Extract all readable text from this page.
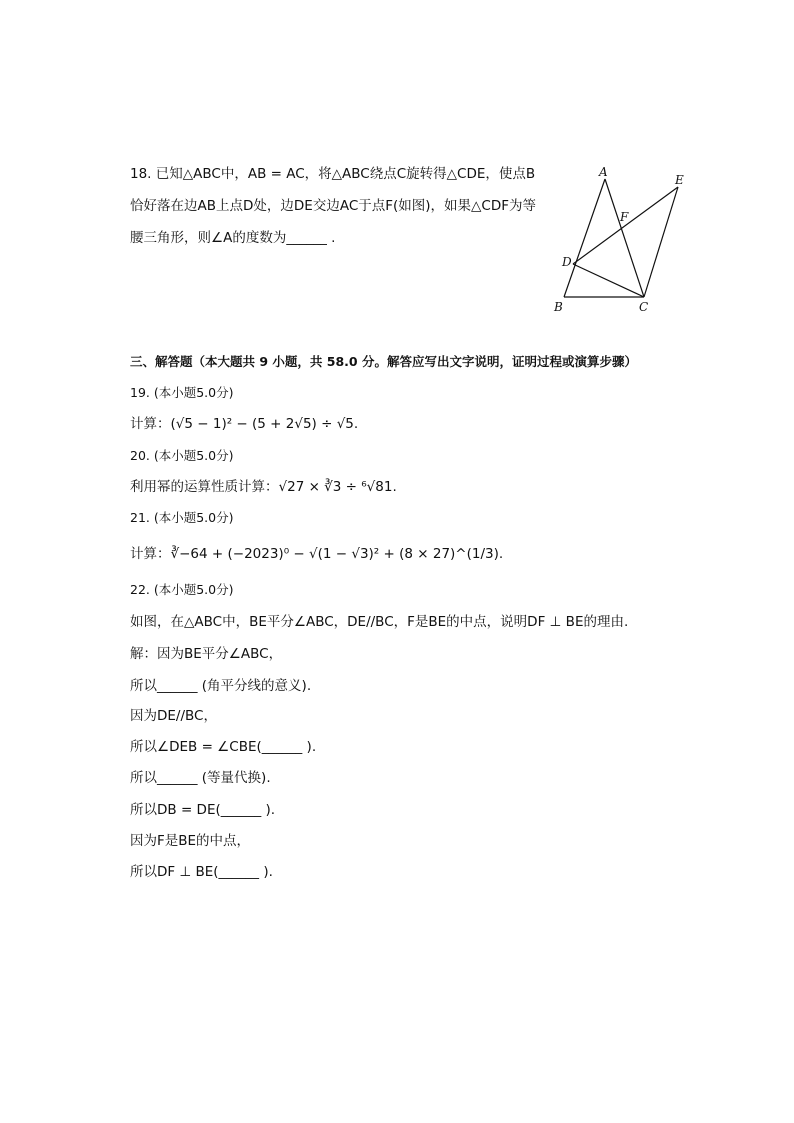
18. 已知△ABC中，AB = AC，将△ABC绕点C旋转得△CDE，使点B
恰好落在边AB上点D处，边DE交边AC于点F(如图)，如果△CDF为等
腰三角形，则∠A的度数为______ .
A
E
F
D
B	C
三、解答题（本大题共 9 小题，共 58.0 分。解答应写出文字说明，证明过程或演算步骤）
19. (本小题5.0分)
计算：(√5 − 1)² − (5 + 2√5) ÷ √5.
20. (本小题5.0分)
利用幂的运算性质计算：√27 × ∛3 ÷ ⁶√81.
21. (本小题5.0分)
计算：∛−64 + (−2023)⁰ − √(1 − √3)² + (8 × 27)^(1/3).
22. (本小题5.0分)
如图，在△ABC中，BE平分∠ABC，DE//BC，F是BE的中点，说明DF ⊥ BE的理由.
解：因为BE平分∠ABC，
所以______ (角平分线的意义).
因为DE//BC，
所以∠DEB = ∠CBE(______ ).
所以______ (等量代换).
所以DB = DE(______ ).
因为F是BE的中点，
所以DF ⊥ BE(______ ).
